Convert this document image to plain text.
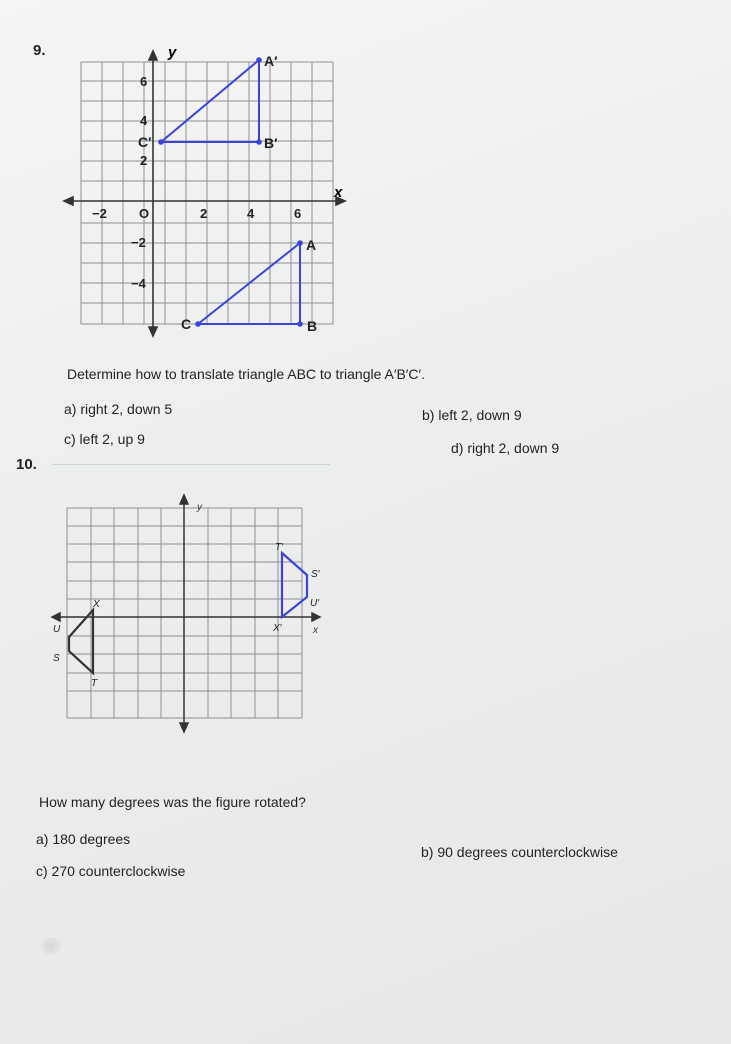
9.	y
x
−2 O	2	4	6
6
4
2
−2
−4
A′
B′
C′
A
B
C
Determine how to translate triangle ABC to triangle A′B′C′.
a) right 2, down 5	b) left 2, down 9
c) left 2, up 9
d) right 2, down 9
10.
y
x
T′
S′
U′
X′
X
U
S
T
How many degrees was the figure rotated?
a) 180 degrees
b) 90 degrees counterclockwise
c) 270 counterclockwise
